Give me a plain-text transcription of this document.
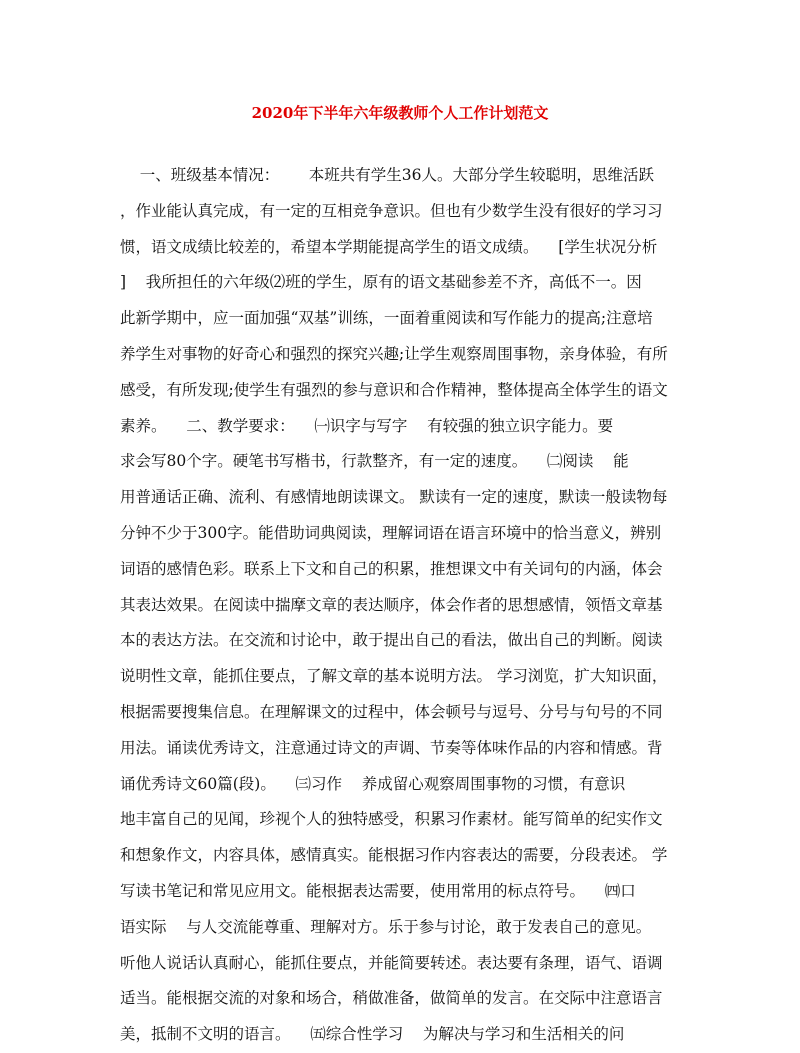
2020年下半年六年级教师个人工作计划范文
一、班级基本情况：      本班共有学生36人。大部分学生较聪明，思维活跃
，作业能认真完成，有一定的互相竞争意识。但也有少数学生没有很好的学习习
惯，语文成绩比较差的，希望本学期能提高学生的语文成绩。    [学生状况分析
]    我所担任的六年级⑵班的学生，原有的语文基础参差不齐，高低不一。因
此新学期中，应一面加强“双基”训练，一面着重阅读和写作能力的提高;注意培
养学生对事物的好奇心和强烈的探究兴趣;让学生观察周围事物，亲身体验，有所
感受，有所发现;使学生有强烈的参与意识和合作精神，整体提高全体学生的语文
素养。    二、教学要求：    ㈠识字与写字    有较强的独立识字能力。要
求会写80个字。硬笔书写楷书，行款整齐，有一定的速度。    ㈡阅读    能
用普通话正确、流利、有感情地朗读课文。 默读有一定的速度，默读一般读物每
分钟不少于300字。能借助词典阅读，理解词语在语言环境中的恰当意义，辨别
词语的感情色彩。联系上下文和自己的积累，推想课文中有关词句的内涵，体会
其表达效果。在阅读中揣摩文章的表达顺序，体会作者的思想感情，领悟文章基
本的表达方法。在交流和讨论中，敢于提出自己的看法，做出自己的判断。阅读
说明性文章，能抓住要点，了解文章的基本说明方法。 学习浏览，扩大知识面，
根据需要搜集信息。在理解课文的过程中，体会顿号与逗号、分号与句号的不同
用法。诵读优秀诗文，注意通过诗文的声调、节奏等体味作品的内容和情感。背
诵优秀诗文60篇(段)。    ㈢习作    养成留心观察周围事物的习惯，有意识
地丰富自己的见闻，珍视个人的独特感受，积累习作素材。能写简单的纪实作文
和想象作文，内容具体，感情真实。能根据习作内容表达的需要，分段表述。 学
写读书笔记和常见应用文。能根据表达需要，使用常用的标点符号。    ㈣口
语实际    与人交流能尊重、理解对方。乐于参与讨论，敢于发表自己的意见。
听他人说话认真耐心，能抓住要点，并能简要转述。表达要有条理，语气、语调
适当。能根据交流的对象和场合，稍做准备，做简单的发言。在交际中注意语言
美，抵制不文明的语言。    ㈤综合性学习    为解决与学习和生活相关的问
